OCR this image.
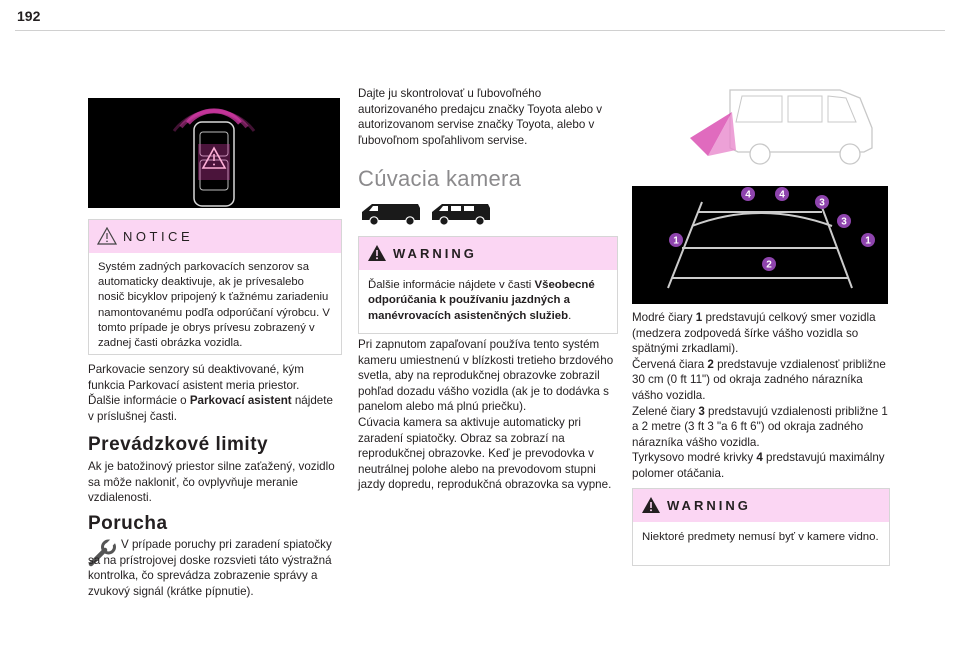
192
NOTICE
Systém zadných parkovacích senzorov sa automaticky deaktivuje, ak je prívesalebo nosič bicyklov pripojený k ťažnému zariadeniu namontovanému podľa odporúčaní výrobcu. V tomto prípade je obrys prívesu zobrazený v zadnej časti obrázka vozidla.
Parkovacie senzory sú deaktivované, kým funkcia Parkovací asistent meria priestor.
Ďalšie informácie o Parkovací asistent nájdete v príslušnej časti.
Prevádzkové limity
Ak je batožinový priestor silne zaťažený, vozidlo sa môže nakloniť, čo ovplyvňuje meranie vzdialenosti.
Porucha
V prípade poruchy pri zaradení spiatočky sa na prístrojovej doske rozsvieti táto výstražná kontrolka, čo sprevádza zobrazenie správy a zvukový signál (krátke pípnutie).
Dajte ju skontrolovať u ľubovoľného autorizovaného predajcu značky Toyota alebo v autorizovanom servise značky Toyota, alebo v ľubovoľnom spoľahlivom servise.
Cúvacia kamera
WARNING
Ďalšie informácie nájdete v časti Všeobecné odporúčania k používaniu jazdných a manévrovacích asistenčných služieb.
Pri zapnutom zapaľovaní používa tento systém kameru umiestnenú v blízkosti tretieho brzdového svetla, aby na reprodukčnej obrazovke zobrazil pohľad dozadu vášho vozidla (ak je to dodávka s panelom alebo má plnú priečku).
Cúvacia kamera sa aktivuje automaticky pri zaradení spiatočky. Obraz sa zobrazí na reprodukčnej obrazovke. Keď je prevodovka v neutrálnej polohe alebo na prevodovom stupni jazdy dopredu, reprodukčná obrazovka sa vypne.
4	4
3
3
1	1
2
Modré čiary 1 predstavujú celkový smer vozidla (medzera zodpovedá šírke vášho vozidla so spätnými zrkadlami).
Červená čiara 2 predstavuje vzdialenosť približne 30 cm (0 ft 11") od okraja zadného nárazníka vášho vozidla.
Zelené čiary 3 predstavujú vzdialenosti približne 1 a 2 metre (3 ft 3 "a 6 ft 6") od okraja zadného nárazníka vášho vozidla.
Tyrkysovo modré krivky 4 predstavujú maximálny polomer otáčania.
WARNING
Niektoré predmety nemusí byť v kamere vidno.
